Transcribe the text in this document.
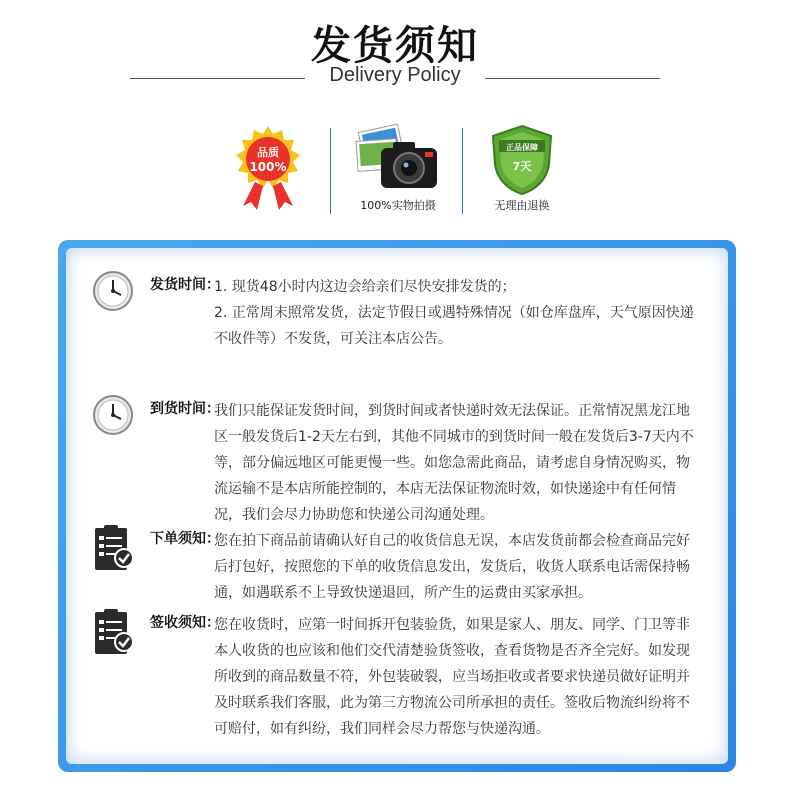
发货须知
Delivery Policy
品质
100%
100%实物拍摄
正品保障
7天
无理由退换
发货时间：

1. 现货48小时内这边会给亲们尽快安排发货的；

2. 正常周末照常发货，法定节假日或遇特殊情况（如仓库盘库，天气原因快递不收件等）不发货，可关注本店公告。

到货时间：
我们只能保证发货时间，到货时间或者快递时效无法保证。正常情况黑龙江地区一般发货后1-2天左右到，其他不同城市的到货时间一般在发货后3-7天内不等，部分偏远地区可能更慢一些。如您急需此商品，请考虑自身情况购买，物流运输不是本店所能控制的，本店无法保证物流时效，如快递途中有任何情况，我们会尽力协助您和快递公司沟通处理。
下单须知：
您在拍下商品前请确认好自己的收货信息无误，本店发货前都会检查商品完好后打包好，按照您的下单的收货信息发出，发货后，收货人联系电话需保持畅通，如遇联系不上导致快递退回，所产生的运费由买家承担。
签收须知：
您在收货时，应第一时间拆开包装验货，如果是家人、朋友、同学、门卫等非本人收货的也应该和他们交代清楚验货签收，查看货物是否齐全完好。如发现所收到的商品数量不符，外包装破裂，应当场拒收或者要求快递员做好证明并及时联系我们客服，此为第三方物流公司所承担的责任。签收后物流纠纷将不可赔付，如有纠纷，我们同样会尽力帮您与快递沟通。
